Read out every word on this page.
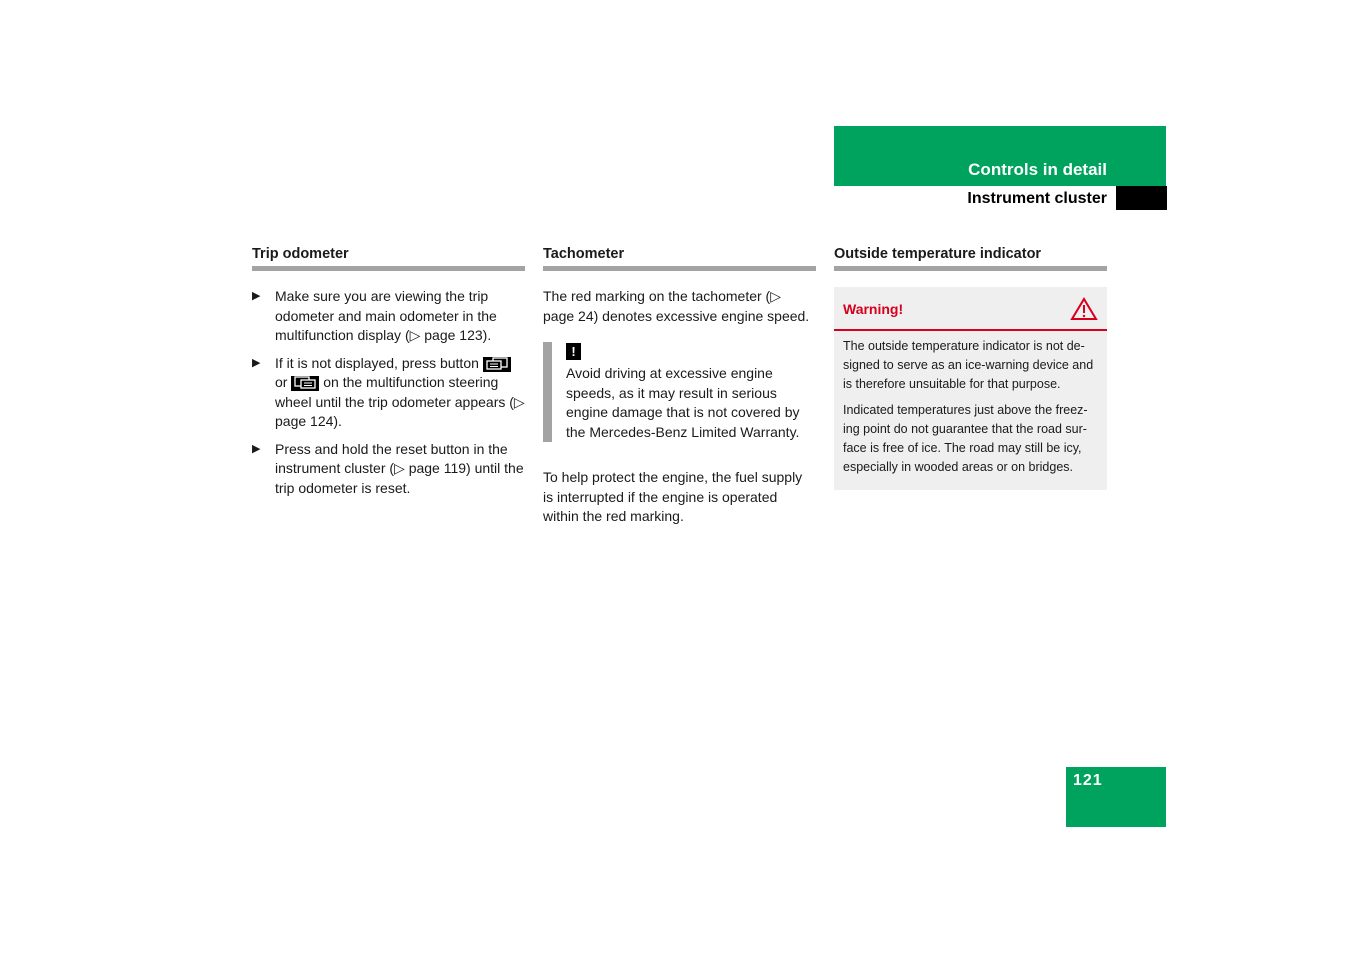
Controls in detail
Instrument cluster
Trip odometer
▶	Make sure you are viewing the trip odometer and main odometer in the multifunction display (▷ page 123).
▶	If it is not displayed, press button
or	on the multifunction steering wheel until the trip odometer appears (▷ page 124).
▶	Press and hold the reset button in the instrument cluster (▷ page 119) until the trip odometer is reset.
Tachometer

The red marking on the tachometer (▷ page 24) denotes excessive engine speed.

!
Avoid driving at excessive engine speeds, as it may result in serious engine damage that is not covered by the Mercedes-Benz Limited Warranty.

To help protect the engine, the fuel supply is interrupted if the engine is operated within the red marking.

Outside temperature indicator
Warning!

The outside temperature indicator is not de-signed to serve as an ice-warning device and is therefore unsuitable for that purpose.

Indicated temperatures just above the freez-ing point do not guarantee that the road sur-face is free of ice. The road may still be icy, especially in wooded areas or on bridges.

121
